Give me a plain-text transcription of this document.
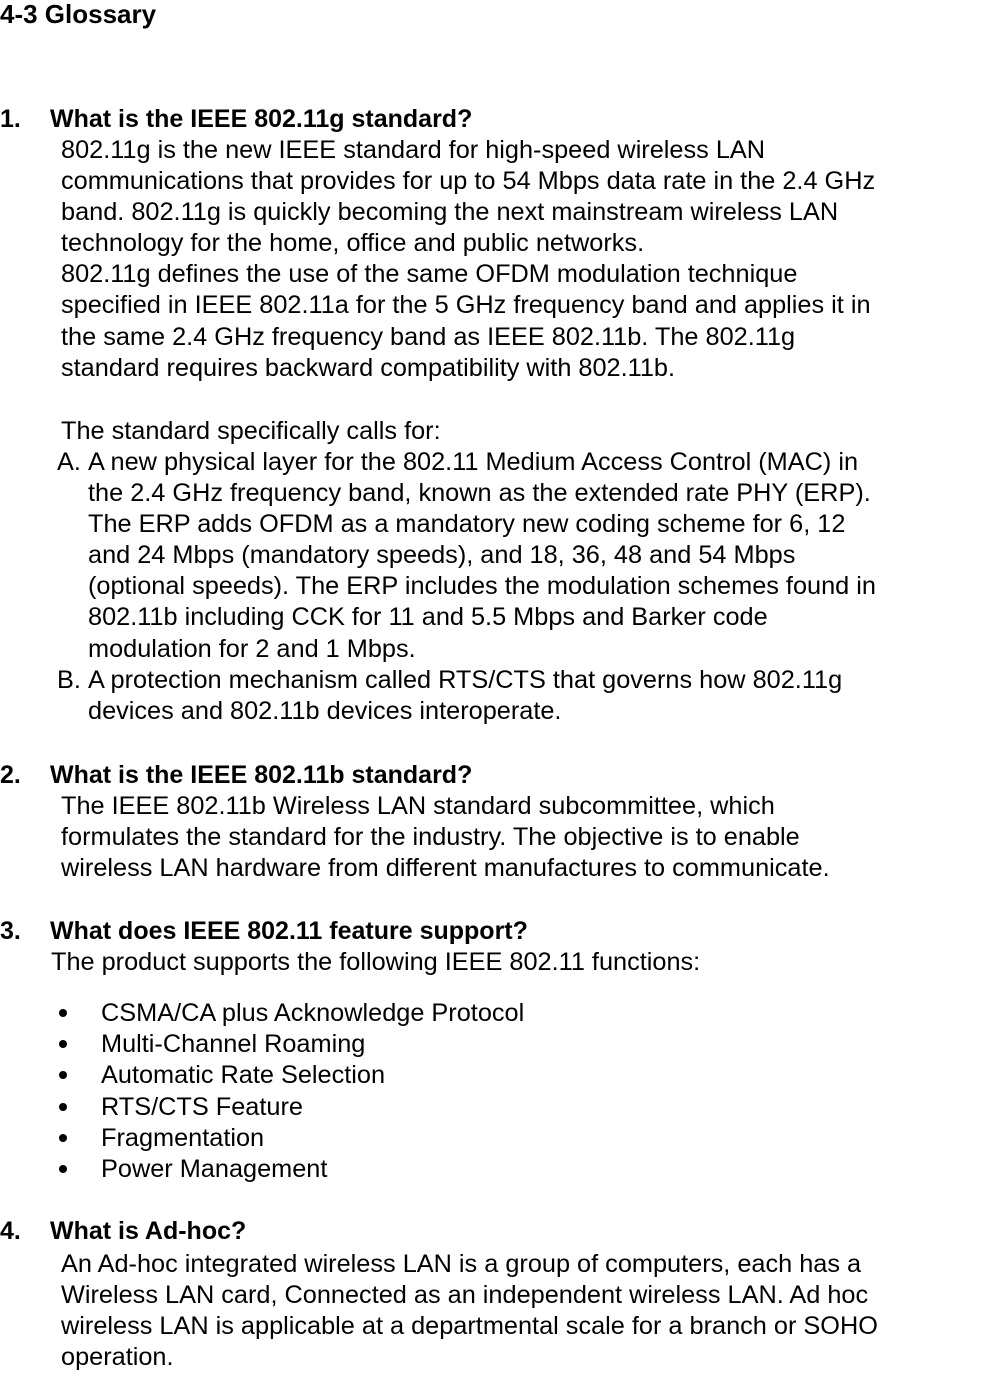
4-3 Glossary
1. What is the IEEE 802.11g standard?
802.11g is the new IEEE standard for high-speed wireless LAN
communications that provides for up to 54 Mbps data rate in the 2.4 GHz
band. 802.11g is quickly becoming the next mainstream wireless LAN
technology for the home, office and public networks.
802.11g defines the use of the same OFDM modulation technique
specified in IEEE 802.11a for the 5 GHz frequency band and applies it in
the same 2.4 GHz frequency band as IEEE 802.11b. The 802.11g
standard requires backward compatibility with 802.11b.
The standard specifically calls for:
A. A new physical layer for the 802.11 Medium Access Control (MAC) in
the 2.4 GHz frequency band, known as the extended rate PHY (ERP).
The ERP adds OFDM as a mandatory new coding scheme for 6, 12
and 24 Mbps (mandatory speeds), and 18, 36, 48 and 54 Mbps
(optional speeds). The ERP includes the modulation schemes found in
802.11b including CCK for 11 and 5.5 Mbps and Barker code
modulation for 2 and 1 Mbps.
B. A protection mechanism called RTS/CTS that governs how 802.11g
devices and 802.11b devices interoperate.
2. What is the IEEE 802.11b standard?
The IEEE 802.11b Wireless LAN standard subcommittee, which
formulates the standard for the industry. The objective is to enable
wireless LAN hardware from different manufactures to communicate.
3. What does IEEE 802.11 feature support?
The product supports the following IEEE 802.11 functions:
CSMA/CA plus Acknowledge Protocol
Multi-Channel Roaming
Automatic Rate Selection
RTS/CTS Feature
Fragmentation
Power Management
4. What is Ad-hoc?
An Ad-hoc integrated wireless LAN is a group of computers, each has a
Wireless LAN card, Connected as an independent wireless LAN. Ad hoc
wireless LAN is applicable at a departmental scale for a branch or SOHO
operation.
